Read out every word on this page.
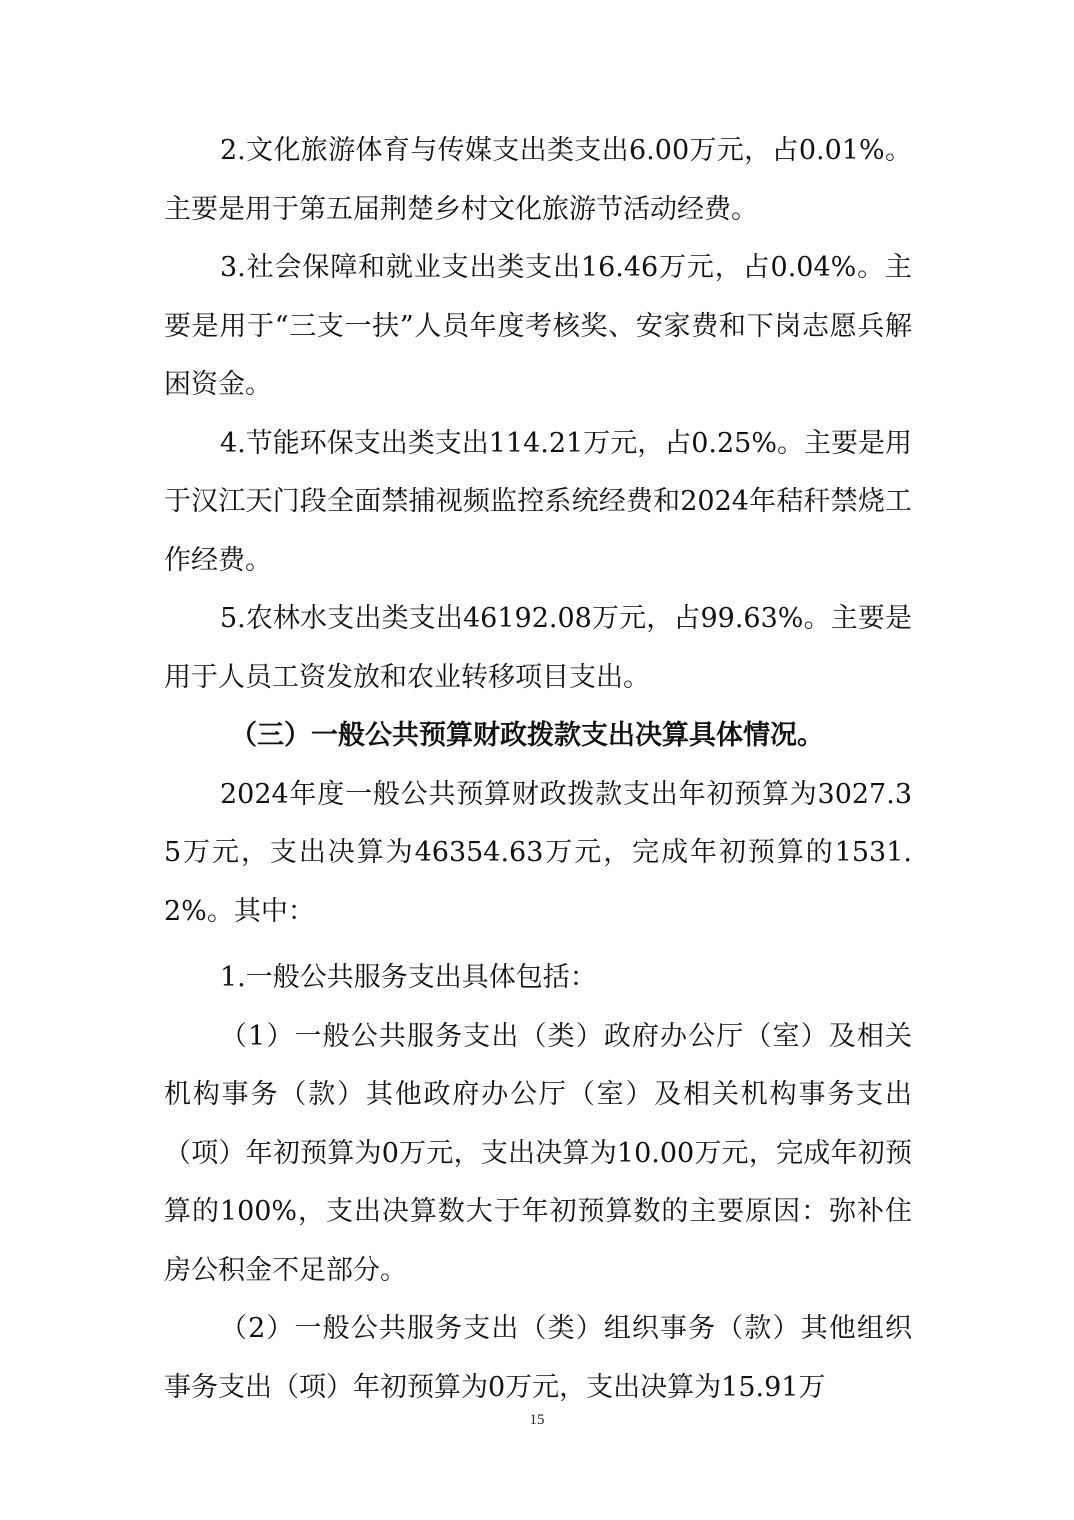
2.文化旅游体育与传媒支出类支出6.00万元，占0.01%。主要是用于第五届荆楚乡村文化旅游节活动经费。

3.社会保障和就业支出类支出16.46万元，占0.04%。主要是用于“三支一扶”人员年度考核奖、安家费和下岗志愿兵解困资金。

4.节能环保支出类支出114.21万元，占0.25%。主要是用于汉江天门段全面禁捕视频监控系统经费和2024年秸秆禁烧工作经费。

5.农林水支出类支出46192.08万元，占99.63%。主要是用于人员工资发放和农业转移项目支出。

（三）一般公共预算财政拨款支出决算具体情况。

2024年度一般公共预算财政拨款支出年初预算为3027.35万元，支出决算为46354.63万元，完成年初预算的1531.2%。其中：

1.一般公共服务支出具体包括：

（1）一般公共服务支出（类）政府办公厅（室）及相关机构事务（款）其他政府办公厅（室）及相关机构事务支出（项）年初预算为0万元，支出决算为10.00万元，完成年初预算的100%，支出决算数大于年初预算数的主要原因：弥补住房公积金不足部分。

（2）一般公共服务支出（类）组织事务（款）其他组织事务支出（项）年初预算为0万元，支出决算为15.91万

15
